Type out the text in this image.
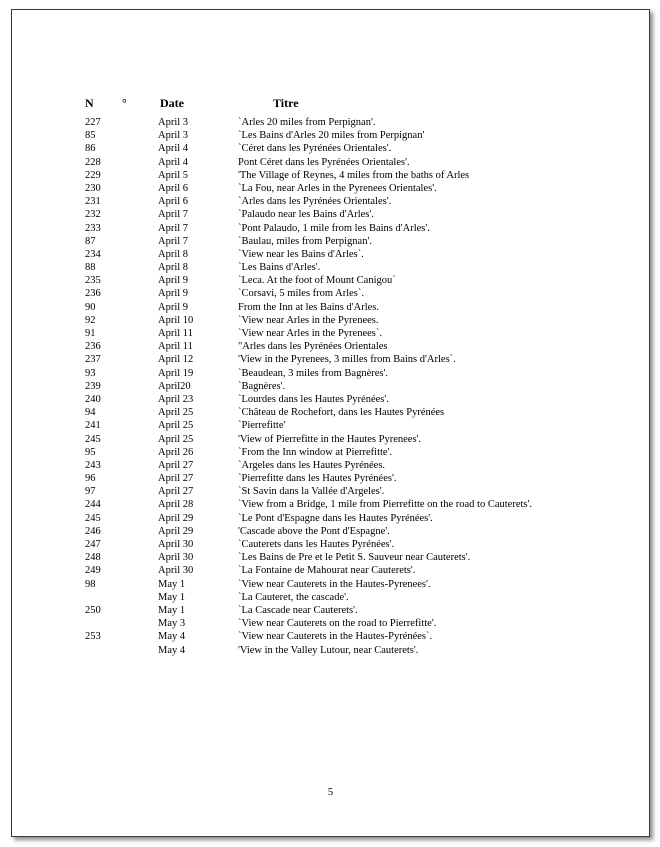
N °	Date	Titre
227	April 3	`Arles 20 miles from Perpignan'.
85	April 3	`Les Bains d'Arles 20 miles from Perpignan'
86	April 4	`Céret dans les Pyrénées Orientales'.
228	April 4	Pont Céret dans les Pyrénées Orientales'.
229	April 5	'The Village of Reynes, 4 miles from the baths of Arles
230	April 6	`La Fou, near Arles in the Pyrenees Orientales'.
231	April 6	`Arles dans les Pyrénées Orientales'.
232	April 7	`Palaudo near les Bains d'Arles'.
233	April 7	`Pont Palaudo, 1 mile from les Bains d'Arles'.
87	April 7	`Baulau, miles from Perpignan'.
234	April 8	`View near les Bains d'Arles`.
88	April 8	`Les Bains d'Arles'.
235	April 9	`Leca. At the foot of Mount Canigou`
236	April 9	`Corsavi, 5 miles from Arles`.
90	April 9	From the Inn at les Bains d'Arles.
92	April 10	`View near Arles in the Pyrenees.
91	April 11	`View near Arles in the Pyrenees`.
236	April 11	"Arles dans les Pyrénées Orientales
237	April 12	'View in the Pyrenees, 3 milles from Bains d'Arles`.
93	April 19	`Beaudean, 3 miles from Bagnères'.
239	April20	`Bagnères'.
240	April 23	`Lourdes dans les Hautes Pyrénées'.
94	April 25	`Château de Rochefort, dans les Hautes Pyrénées
241	April 25	`Pierrefitte'
245	April 25	'View of Pierrefitte in the Hautes Pyrenees'.
95	April 26	`From the Inn window at Pierrefitte'.
243	April 27	`Argeles dans les Hautes Pyrénées.
96	April 27	`Pierrefitte dans les Hautes Pyrénées'.
97	April 27	`St Savin dans la Vallée d'Argeles'.
244	April 28	`View from a Bridge, 1 mile from Pierrefitte on the road to Cauterets'.
245	April 29	`Le Pont d'Espagne dans les Hautes Pyrénées'.
246	April 29	'Cascade above the Pont d'Espagne'.
247	April 30	`Cauterets dans les Hautes Pyrénées'.
248	April 30	`Les Bains de Pre et le Petit S. Sauveur near Cauterets'.
249	April 30	`La Fontaine de Mahourat near Cauterets'.
98	May 1	`View near Cauterets in the Hautes-Pyrenees'.
May 1	`La Cauteret, the cascade'.
250	May 1	`La Cascade near Cauterets'.
May 3	`View near Cauterets on the road to Pierrefitte'.
253	May 4	`View near Cauterets in the Hautes-Pyrénées`.
May 4	'View in the Valley Lutour, near Cauterets'.
5
